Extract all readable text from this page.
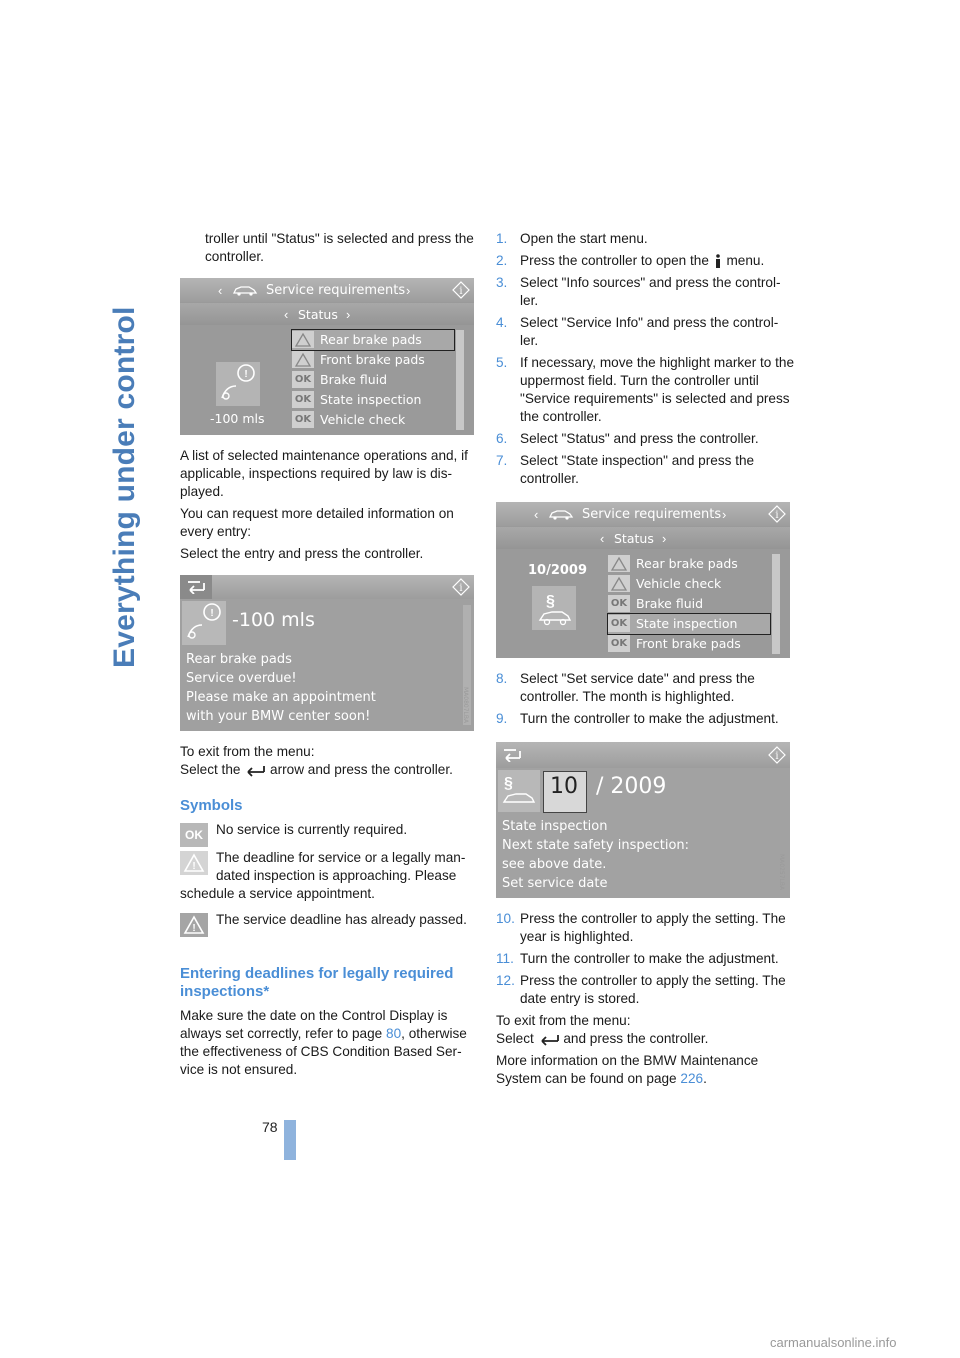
Everything under control
78

troller until "Status" is selected and press the controller.

‹	Service requirements ›	i
‹ Status ›
!
-100 mls
Rear brake pads
Front brake pads
OK Brake fluid
OK State inspection
OK Vehicle check	MA0230LBA

A list of selected maintenance operations and, if applicable, inspections required by law is dis-played.

You can request more detailed information on every entry:

Select the entry and press the controller.

i
! -100 mls
Rear brake pads
Service overdue!
Please make an appointment
with your BMW center soon!	MA0807LBA

To exit from the menu:

Select the arrow and press the controller.

Symbols
OK No service is currently required.
!

The deadline for service or a legally man-dated inspection is approaching. Please

schedule a service appointment.

!
The service deadline has already passed.
Entering deadlines for legally required inspections*

Make sure the date on the Control Display is always set correctly, refer to page 80, otherwise the effectiveness of CBS Condition Based Ser-vice is not ensured.

1. Open the start menu.
2. Press the controller to open the menu.
3. Select "Info sources" and press the control-ler.
4. Select "Service Info" and press the control-ler.
5. If necessary, move the highlight marker to the uppermost field. Turn the controller until "Service requirements" is selected and press the controller.
6. Select "Status" and press the controller.
7. Select "State inspection" and press the controller.
‹	Service requirements ›	i
‹ Status ›
10/2009
§
Rear brake pads
Vehicle check
OK Brake fluid
OK State inspection
OK Front brake pads	MA0248LBA
8. Select "Set service date" and press the controller. The month is highlighted.
9. Turn the controller to make the adjustment.
i
§ 10 / 2009
State inspection
Next state safety inspection:
see above date.
Set service date	MA0257LBA
10. Press the controller to apply the setting. The year is highlighted.
11. Turn the controller to make the adjustment.
12. Press the controller to apply the setting. The date entry is stored.

To exit from the menu:

Select and press the controller.

More information on the BMW Maintenance System can be found on page 226.

carmanualsonline.info
